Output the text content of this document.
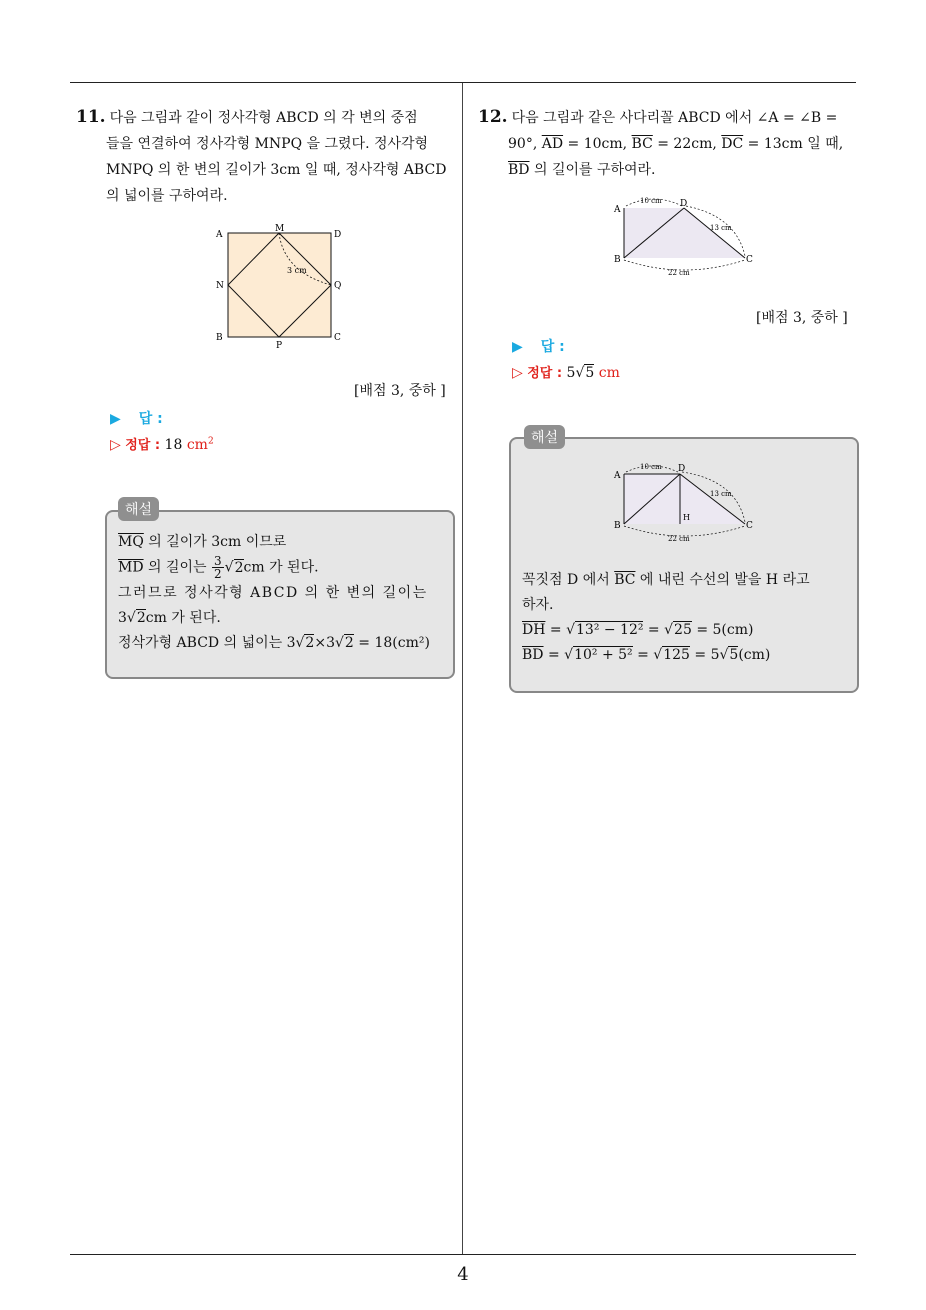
11. 다음 그림과 같이 정사각형 ABCD 의 각 변의 중점
들을 연결하여 정사각형 MNPQ 을 그렸다. 정사각형
MNPQ 의 한 변의 길이가 3cm 일 때, 정사각형 ABCD
의 넓이를 구하여라.
A	D
B	C
M
N
P
Q
3 cm
[배점 3, 중하 ]
▶ 답 :
▷ 정답 : 18 $cm^2$
해설
$\overline{MQ}$ 의 길이가 3cm 이므로
$\overline{MD}$ 의 길이는 $\frac{3}{2} √2cm$ 가 된다.
그러므로 정사각형 ABCD 의 한 변의 길이는
3√2cm 가 된다.
정삭가형 ABCD 의 넓이는 3√2×3√2 = 18(cm²)
12. 다음 그림과 같은 사다리꼴 ABCD 에서 ∠A = ∠B =
90°, $\overline{AD} = 10cm$, $\overline{BC} = 22cm$, $\overline{DC} = 13cm$ 일 때,
$\overline{BD}$ 의 길이를 구하여라.
A
D
B	C
10 cm
13 cm
22 cm
[배점 3, 중하 ]
▶ 답 :
▷ 정답 : 5√5 cm
해설
A
D
B	C
H
10 cm
13 cm
22 cm
꼭짓점 D 에서 $\overline{BC}$ 에 내린 수선의 발을 H 라고
하자.
$\overline{DH} = √13^2 - 12^2 = √25 = 5(cm)$
$\overline{BD} = √10^2 + 5^2 = √125 = 5√5(cm)$
4
